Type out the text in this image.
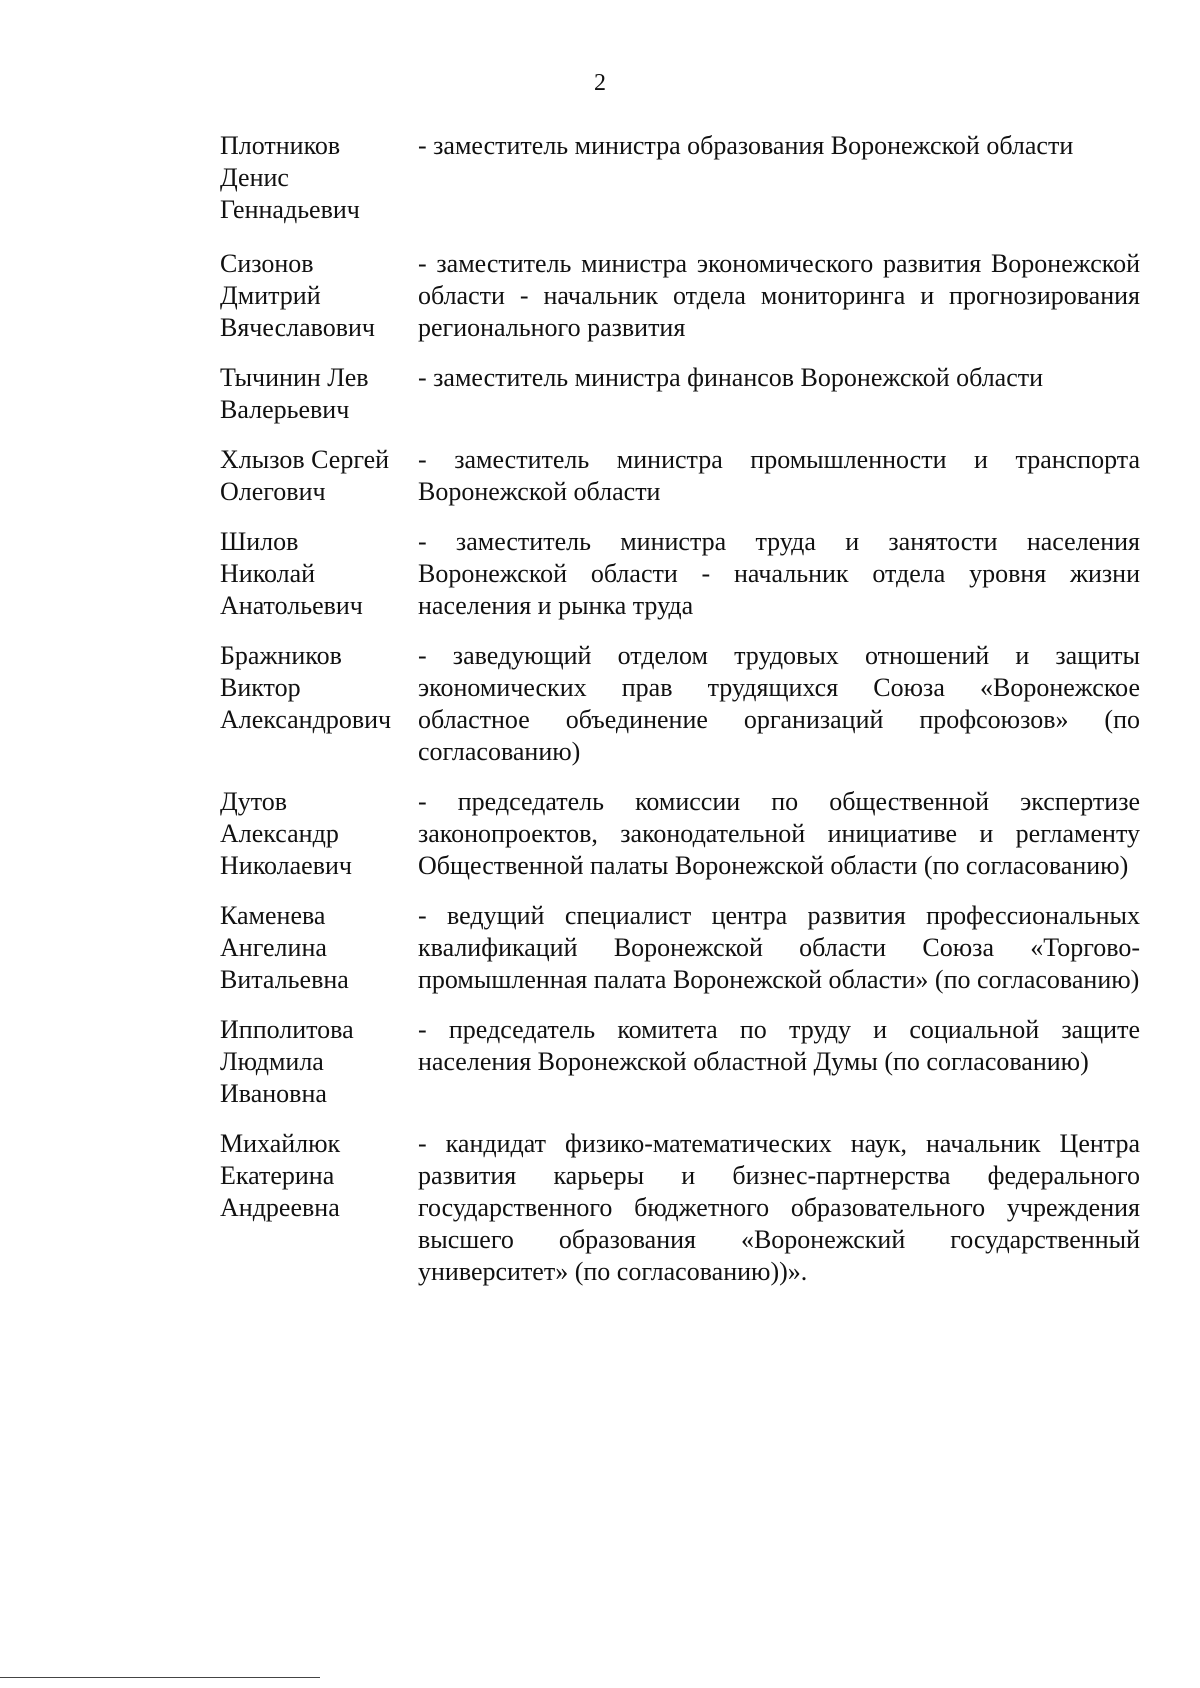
2
Плотников
Денис
Геннадьевич
- заместитель министра образования Воронежской области
Сизонов
Дмитрий
Вячеславович
- заместитель министра экономического развития Воронежской области - начальник отдела мониторинга и прогнозирования регионального развития
Тычинин Лев
Валерьевич
- заместитель министра финансов Воронежской области
Хлызов Сергей
Олегович
- заместитель министра промышленности и транспорта Воронежской области
Шилов
Николай
Анатольевич
- заместитель министра труда и занятости населения Воронежской области - начальник отдела уровня жизни населения и рынка труда
Бражников
Виктор
Александрович
- заведующий отделом трудовых отношений и защиты экономических прав трудящихся Союза «Воронежское областное объединение организаций профсоюзов» (по согласованию)
Дутов
Александр
Николаевич
- председатель комиссии по общественной экспертизе законопроектов, законодательной инициативе и регламенту Общественной палаты Воронежской области (по согласованию)
Каменева
Ангелина
Витальевна
- ведущий специалист центра развития профессиональных квалификаций Воронежской области Союза «Торгово-промышленная палата Воронежской области» (по согласованию)
Ипполитова
Людмила
Ивановна
- председатель комитета по труду и социальной защите населения Воронежской областной Думы (по согласованию)
Михайлюк
Екатерина
Андреевна
- кандидат физико-математических наук, начальник Центра развития карьеры и бизнес-партнерства федерального государственного бюджетного образовательного учреждения высшего образования «Воронежский государственный университет» (по согласованию))».
